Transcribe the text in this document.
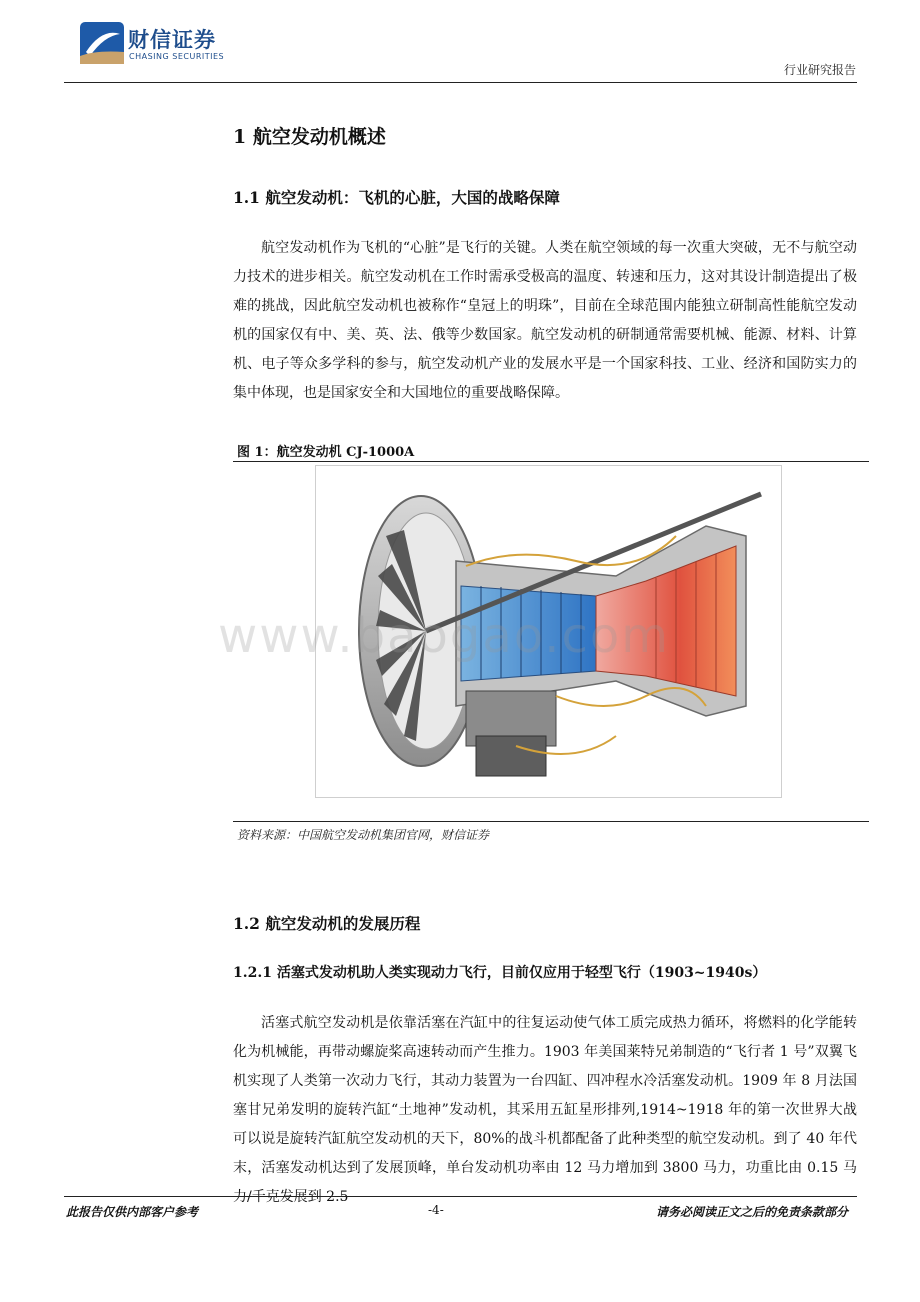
财信证券
CHASING SECURITIES
行业研究报告
1 航空发动机概述
1.1 航空发动机：飞机的心脏，大国的战略保障

航空发动机作为飞机的“心脏”是飞行的关键。人类在航空领域的每一次重大突破，无不与航空动力技术的进步相关。航空发动机在工作时需承受极高的温度、转速和压力，这对其设计制造提出了极难的挑战，因此航空发动机也被称作“皇冠上的明珠”，目前在全球范围内能独立研制高性能航空发动机的国家仅有中、美、英、法、俄等少数国家。航空发动机的研制通常需要机械、能源、材料、计算机、电子等众多学科的参与，航空发动机产业的发展水平是一个国家科技、工业、经济和国防实力的集中体现，也是国家安全和大国地位的重要战略保障。

图 1：航空发动机 CJ-1000A
www.baogao.com
资料来源：中国航空发动机集团官网，财信证券
1.2 航空发动机的发展历程
1.2.1 活塞式发动机助人类实现动力飞行，目前仅应用于轻型飞行（1903~1940s）

活塞式航空发动机是依靠活塞在汽缸中的往复运动使气体工质完成热力循环，将燃料的化学能转化为机械能，再带动螺旋桨高速转动而产生推力。1903 年美国莱特兄弟制造的“飞行者 1 号”双翼飞机实现了人类第一次动力飞行，其动力装置为一台四缸、四冲程水冷活塞发动机。1909 年 8 月法国塞甘兄弟发明的旋转汽缸“土地神”发动机，其采用五缸星形排列,1914~1918 年的第一次世界大战可以说是旋转汽缸航空发动机的天下，80%的战斗机都配备了此种类型的航空发动机。到了 40 年代末，活塞发动机达到了发展顶峰，单台发动机功率由 12 马力增加到 3800 马力，功重比由 0.15 马力/千克发展到 2.5

此报告仅供内部客户参考	-4-	请务必阅读正文之后的免责条款部分
